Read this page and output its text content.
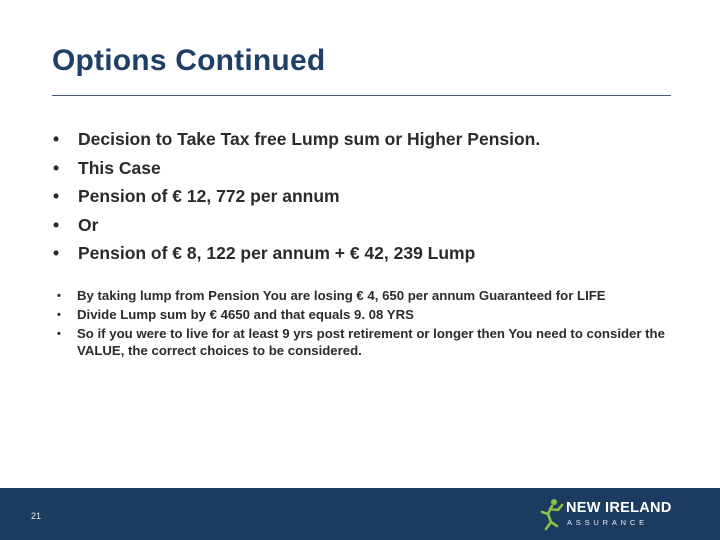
Options Continued
• Decision to Take Tax free Lump sum or Higher Pension.
• This Case
• Pension of € 12, 772 per annum
• Or
• Pension of € 8, 122 per annum + € 42, 239 Lump
• By taking lump from Pension You are losing € 4, 650 per annum Guaranteed for LIFE
• Divide Lump sum by € 4650 and that equals 9. 08 YRS
• So if you were to live for at least 9 yrs post retirement or longer then You need to consider the VALUE, the correct choices to be considered.
21	NEW IRELAND
ASSURANCE
